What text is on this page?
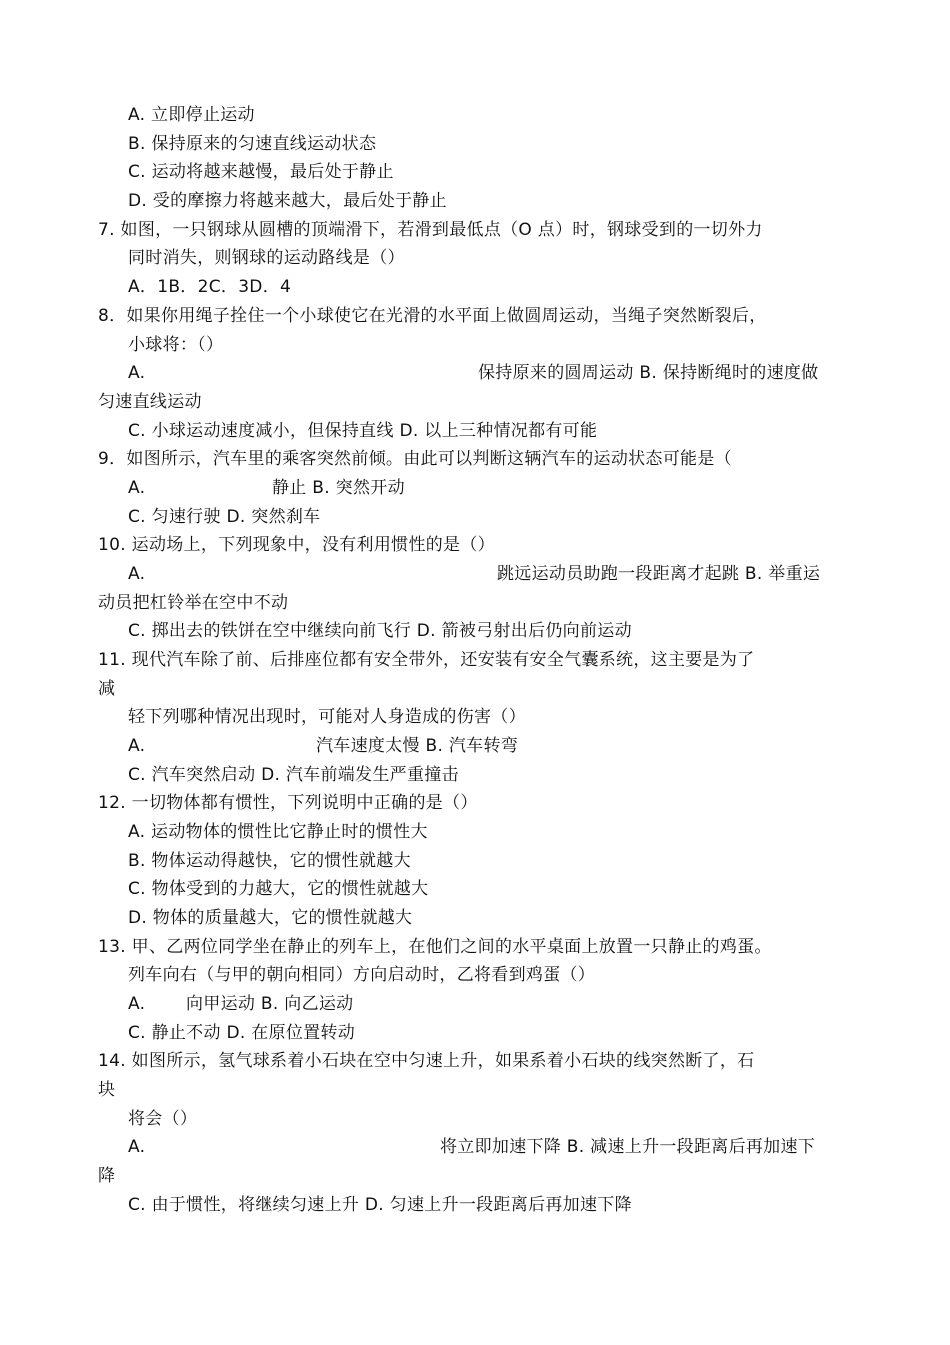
A. 立即停止运动
B. 保持原来的匀速直线运动状态
C. 运动将越来越慢，最后处于静止
D. 受的摩擦力将越来越大，最后处于静止
7. 如图，一只钢球从圆槽的顶端滑下，若滑到最低点（O 点）时，钢球受到的一切外力
同时消失，则钢球的运动路线是（）
A．1B．2C．3D．4
8．如果你用绳子拴住一个小球使它在光滑的水平面上做圆周运动，当绳子突然断裂后，
小球将：（）
A.	保持原来的圆周运动 B. 保持断绳时的速度做
匀速直线运动
C. 小球运动速度减小，但保持直线 D. 以上三种情况都有可能
9．如图所示，汽车里的乘客突然前倾。由此可以判断这辆汽车的运动状态可能是（
A.	静止 B. 突然开动
C. 匀速行驶 D. 突然刹车
10. 运动场上，下列现象中，没有利用惯性的是（）
A.	跳远运动员助跑一段距离才起跳 B. 举重运
动员把杠铃举在空中不动
C. 掷出去的铁饼在空中继续向前飞行 D. 箭被弓射出后仍向前运动
11. 现代汽车除了前、后排座位都有安全带外，还安装有安全气囊系统，这主要是为了
减
轻下列哪种情况出现时，可能对人身造成的伤害（）
A.	汽车速度太慢 B. 汽车转弯
C. 汽车突然启动 D. 汽车前端发生严重撞击
12. 一切物体都有惯性，下列说明中正确的是（）
A. 运动物体的惯性比它静止时的惯性大
B. 物体运动得越快，它的惯性就越大
C. 物体受到的力越大，它的惯性就越大
D. 物体的质量越大，它的惯性就越大
13. 甲、乙两位同学坐在静止的列车上，在他们之间的水平桌面上放置一只静止的鸡蛋。
列车向右（与甲的朝向相同）方向启动时，乙将看到鸡蛋（）
A. 向甲运动 B. 向乙运动
C. 静止不动 D. 在原位置转动
14. 如图所示，氢气球系着小石块在空中匀速上升，如果系着小石块的线突然断了，石
块
将会（）
A.	将立即加速下降 B. 减速上升一段距离后再加速下
降
C. 由于惯性，将继续匀速上升 D. 匀速上升一段距离后再加速下降
